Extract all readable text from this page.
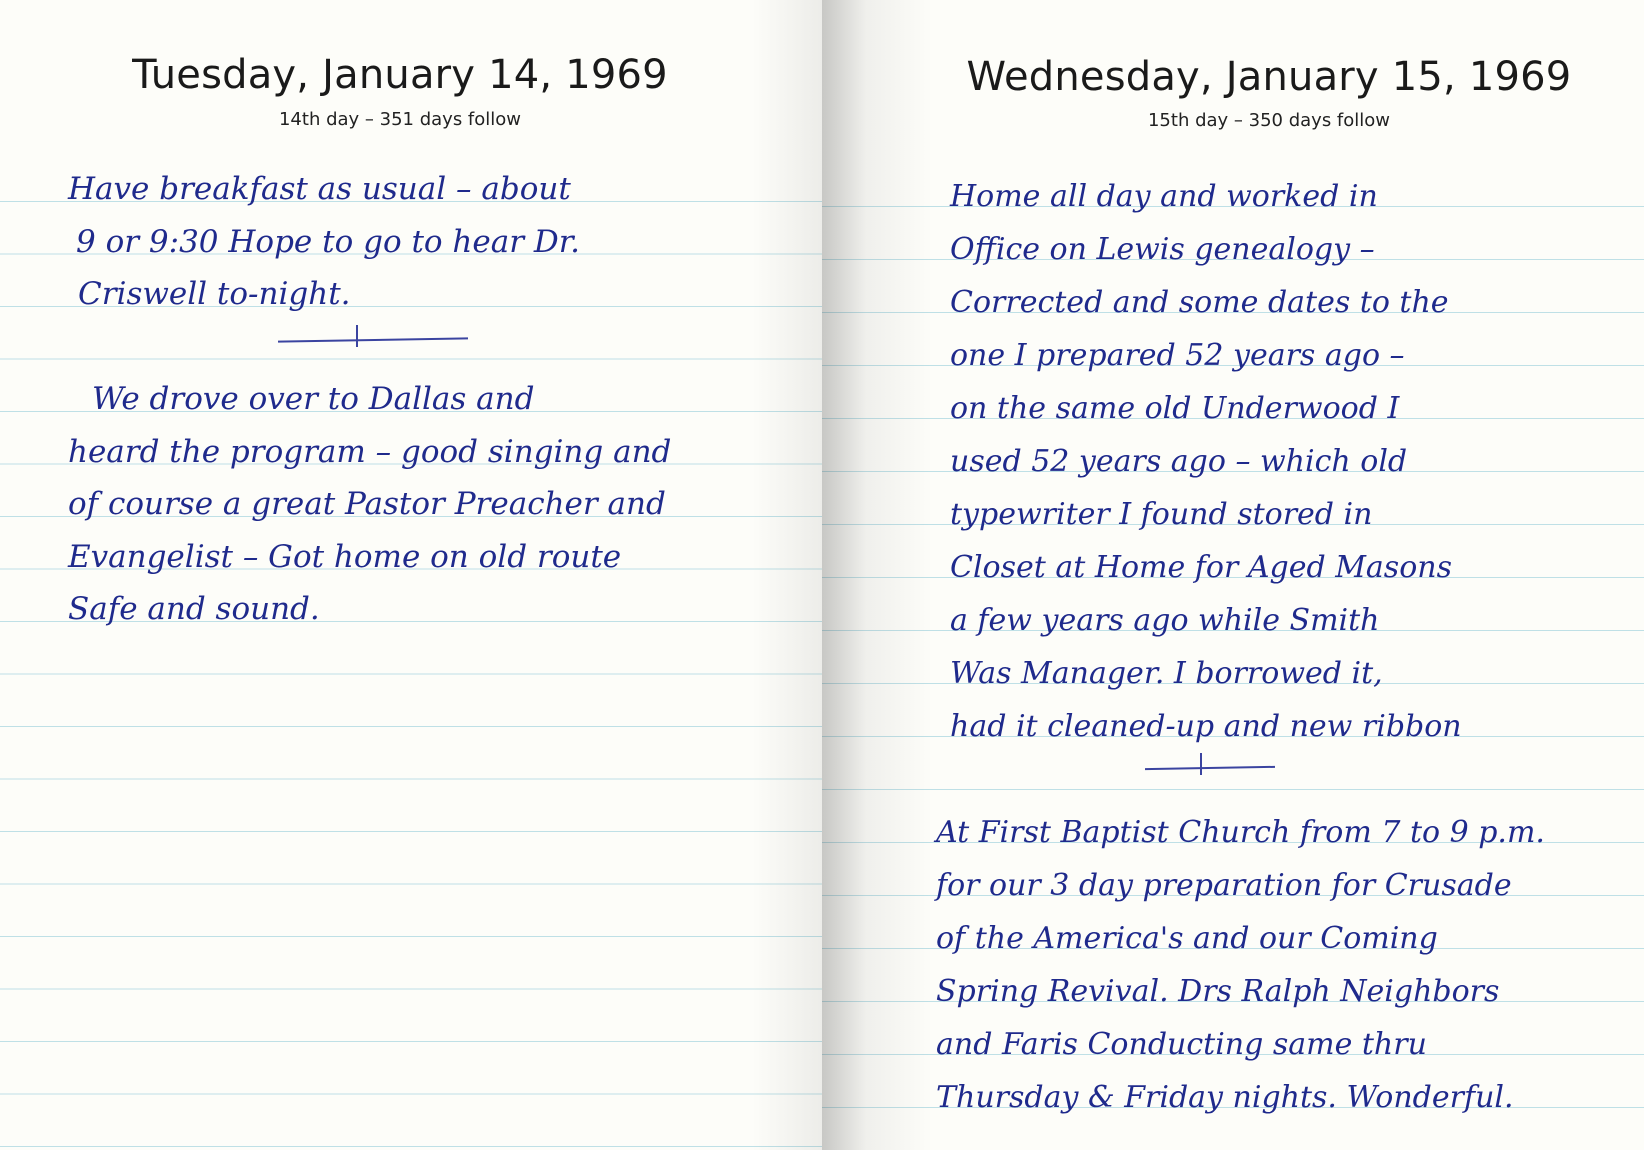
Tuesday, January 14, 1969
14th day – 351 days follow
Have breakfast as usual – about
9 or 9:30 Hope to go to hear Dr.
Criswell to-night.
We drove over to Dallas and
heard the program – good singing and
of course a great Pastor Preacher and
Evangelist – Got home on old route
Safe and sound.
Wednesday, January 15, 1969
15th day – 350 days follow
Home all day and worked in
Office on Lewis genealogy –
Corrected and some dates to the
one I prepared 52 years ago –
on the same old Underwood I
used 52 years ago – which old
typewriter I found stored in
Closet at Home for Aged Masons
a few years ago while Smith
Was Manager. I borrowed it,
had it cleaned-up and new ribbon
At First Baptist Church from 7 to 9 p.m.
for our 3 day preparation for Crusade
of the America's and our Coming
Spring Revival. Drs Ralph Neighbors
and Faris Conducting same thru
Thursday & Friday nights. Wonderful.
